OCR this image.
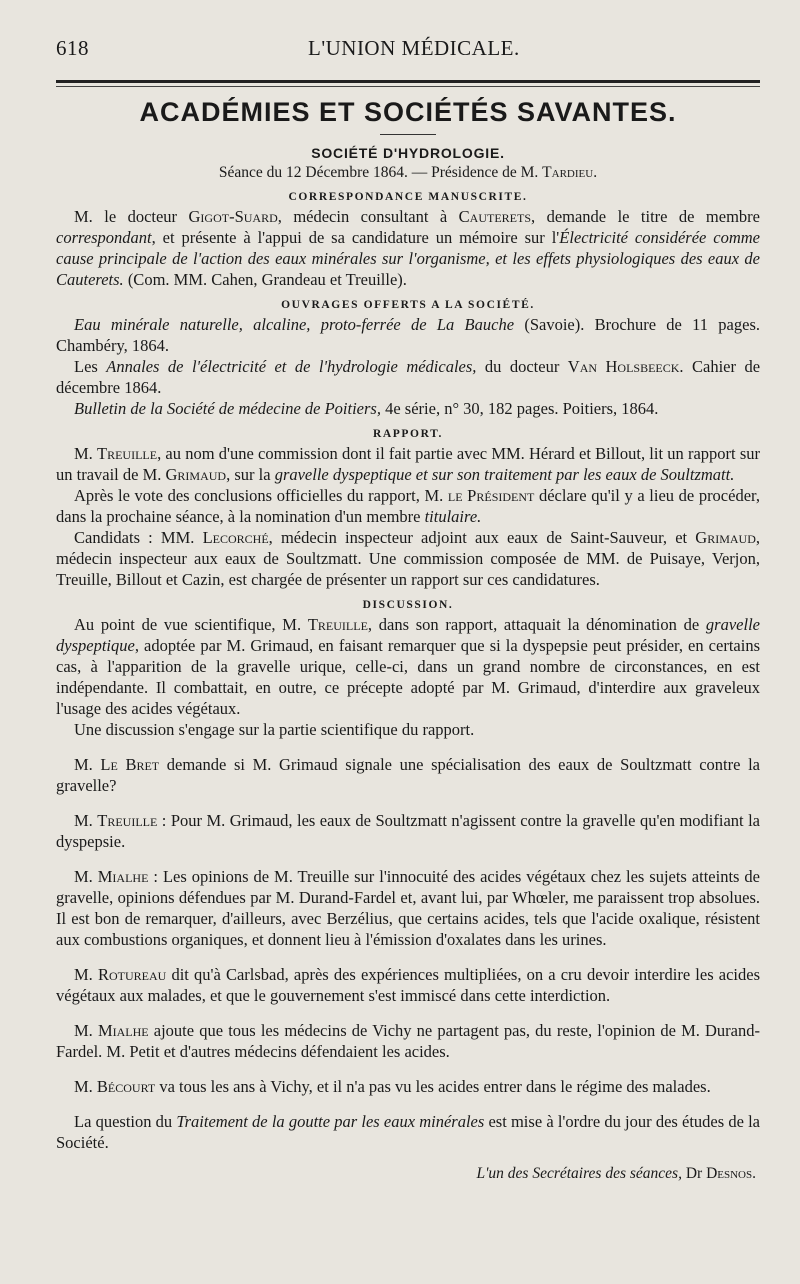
618	L'UNION MÉDICALE.
ACADÉMIES ET SOCIÉTÉS SAVANTES.
SOCIÉTÉ D'HYDROLOGIE.
Séance du 12 Décembre 1864. — Présidence de M. Tardieu.
CORRESPONDANCE MANUSCRITE.

M. le docteur Gigot-Suard, médecin consultant à Cauterets, demande le titre de membre correspondant, et présente à l'appui de sa candidature un mémoire sur l'Électricité considérée comme cause principale de l'action des eaux minérales sur l'organisme, et les effets physiologiques des eaux de Cauterets. (Com. MM. Cahen, Grandeau et Treuille).

OUVRAGES OFFERTS A LA SOCIÉTÉ.

Eau minérale naturelle, alcaline, proto-ferrée de La Bauche (Savoie). Brochure de 11 pages. Chambéry, 1864.

Les Annales de l'électricité et de l'hydrologie médicales, du docteur Van Holsbeeck. Cahier de décembre 1864.

Bulletin de la Société de médecine de Poitiers, 4e série, n° 30, 182 pages. Poitiers, 1864.

RAPPORT.

M. Treuille, au nom d'une commission dont il fait partie avec MM. Hérard et Billout, lit un rapport sur un travail de M. Grimaud, sur la gravelle dyspeptique et sur son traitement par les eaux de Soultzmatt.

Après le vote des conclusions officielles du rapport, M. le Président déclare qu'il y a lieu de procéder, dans la prochaine séance, à la nomination d'un membre titulaire.

Candidats : MM. Lecorché, médecin inspecteur adjoint aux eaux de Saint-Sauveur, et Grimaud, médecin inspecteur aux eaux de Soultzmatt. Une commission composée de MM. de Puisaye, Verjon, Treuille, Billout et Cazin, est chargée de présenter un rapport sur ces candidatures.

DISCUSSION.

Au point de vue scientifique, M. Treuille, dans son rapport, attaquait la dénomination de gravelle dyspeptique, adoptée par M. Grimaud, en faisant remarquer que si la dyspepsie peut présider, en certains cas, à l'apparition de la gravelle urique, celle-ci, dans un grand nombre de circonstances, en est indépendante. Il combattait, en outre, ce précepte adopté par M. Grimaud, d'interdire aux graveleux l'usage des acides végétaux.

Une discussion s'engage sur la partie scientifique du rapport.

M. Le Bret demande si M. Grimaud signale une spécialisation des eaux de Soultzmatt contre la gravelle?

M. Treuille : Pour M. Grimaud, les eaux de Soultzmatt n'agissent contre la gravelle qu'en modifiant la dyspepsie.

M. Mialhe : Les opinions de M. Treuille sur l'innocuité des acides végétaux chez les sujets atteints de gravelle, opinions défendues par M. Durand-Fardel et, avant lui, par Whœler, me paraissent trop absolues. Il est bon de remarquer, d'ailleurs, avec Berzélius, que certains acides, tels que l'acide oxalique, résistent aux combustions organiques, et donnent lieu à l'émission d'oxalates dans les urines.

M. Rotureau dit qu'à Carlsbad, après des expériences multipliées, on a cru devoir interdire les acides végétaux aux malades, et que le gouvernement s'est immiscé dans cette interdiction.

M. Mialhe ajoute que tous les médecins de Vichy ne partagent pas, du reste, l'opinion de M. Durand-Fardel. M. Petit et d'autres médecins défendaient les acides.

M. Bécourt va tous les ans à Vichy, et il n'a pas vu les acides entrer dans le régime des malades.

La question du Traitement de la goutte par les eaux minérales est mise à l'ordre du jour des études de la Société.

L'un des Secrétaires des séances, Dr Desnos.
